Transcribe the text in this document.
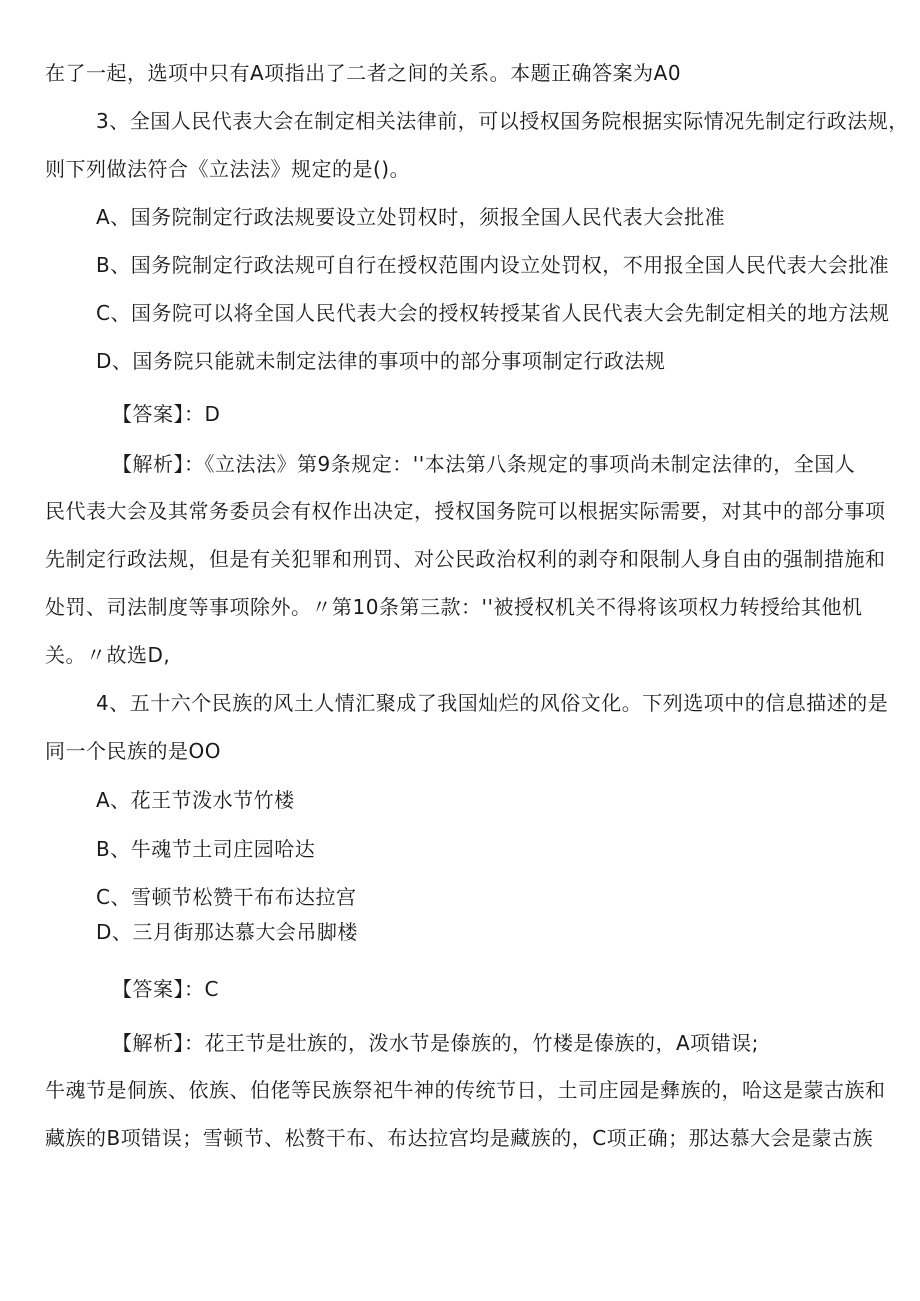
在了一起，选项中只有A项指出了二者之间的关系。本题正确答案为A0
3、全国人民代表大会在制定相关法律前，可以授权国务院根据实际情况先制定行政法规，
则下列做法符合《立法法》规定的是()。
A、国务院制定行政法规要设立处罚权时，须报全国人民代表大会批准
B、国务院制定行政法规可自行在授权范围内设立处罚权，不用报全国人民代表大会批准
C、国务院可以将全国人民代表大会的授权转授某省人民代表大会先制定相关的地方法规
D、国务院只能就未制定法律的事项中的部分事项制定行政法规
【答案】：D
【解析】：《立法法》第9条规定：''本法第八条规定的事项尚未制定法律的，全国人
民代表大会及其常务委员会有权作出决定，授权国务院可以根据实际需要，对其中的部分事项
先制定行政法规，但是有关犯罪和刑罚、对公民政治权利的剥夺和限制人身自由的强制措施和
处罚、司法制度等事项除外。〃第10条第三款：''被授权机关不得将该项权力转授给其他机
关。〃故选D,
4、五十六个民族的风土人情汇聚成了我国灿烂的风俗文化。下列选项中的信息描述的是
同一个民族的是OO
A、花王节泼水节竹楼
B、牛魂节土司庄园哈达
C、雪顿节松赞干布布达拉宫
D、三月街那达慕大会吊脚楼
【答案】：C
【解析】：花王节是壮族的，泼水节是傣族的，竹楼是傣族的，A项错误;
牛魂节是侗族、依族、伯佬等民族祭祀牛神的传统节日，土司庄园是彝族的，哈这是蒙古族和
藏族的B项错误；雪顿节、松赘干布、布达拉宫均是藏族的，C项正确；那达慕大会是蒙古族
